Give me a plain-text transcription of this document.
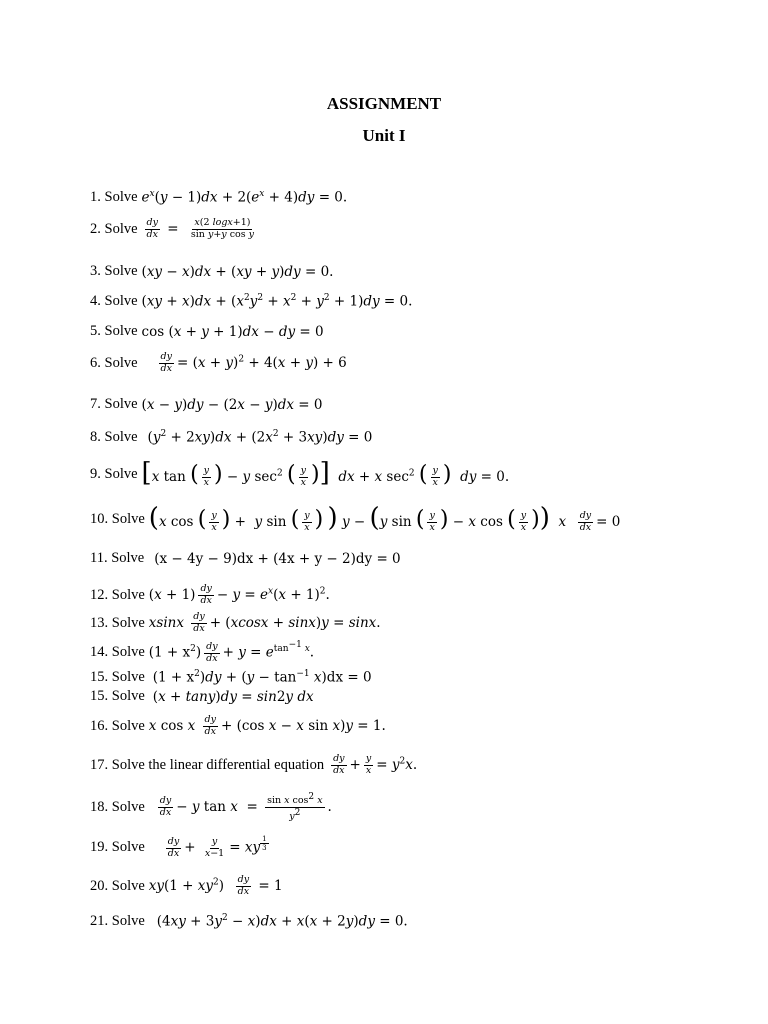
ASSIGNMENT
Unit I
1. Solve $e^x(y - 1)dx + 2(e^x + 4)dy = 0$.
2. Solve $\frac{dy}{dx} = \frac{x(2 \log x+1)}{\text{sin y+y cos y}}$
3. Solve (xy − x)dx + (xy + y)dy = 0.
4. Solve $(xy + x)dx + (x^2y^2 + x^2 + y^2 + 1)dy = 0$.
5. Solve cos (x + y + 1)dx − dy = 0
6. Solve $\frac{dy}{dx} = (x + y)^2 + 4(x + y) + 6$
7. Solve (x − y)dy − (2x − y)dx = 0
8. Solve $(y^2 + 2xy)dx + (2x^2 + 3xy)dy = 0$
9. Solve [x tan ( $\frac{y}{x}$ ) − y $\sec^2$ ( $\frac{y}{x}$ )] dx + x $\sec^2$ ( $\frac{y}{x}$ ) dy = 0.
10. Solve (x cos ( $\frac{y}{x}$ ) +  y sin ( $\frac{y}{x}$ ) ) y − (y sin ( $\frac{y}{x}$ ) − x cos ( $\frac{y}{x}$ )) x $\frac{dy}{dx} = 0$
11. Solve (x − 4y − 9)dx + (4x + y − 2)dy = 0
12. Solve $(x + 1) \frac{dy}{dx} - y = e^x(x + 1)^2$.
13. Solve xsinx $\frac{dy}{dx} + (xcosx + \sin x)y = \sin x$.
14. Solve $(1 + x^2) \frac{dy}{dx} + y = e^{tan^{-1} x}$.
15. Solve $(1 + x^2)dy + (y - \tan^{-1} x)dx = 0$
15. Solve (x + tany)dy = sin2y dx
16. Solve x cos x $\frac{dy}{dx} + (\cos$ x − x sin x)y = 1.
17. Solve the linear differential equation $\frac{dy}{dx} + \frac{y}{x} = y^2x$.
18. Solve $\frac{dy}{dx} - y$ $\tan x = \frac{\sin x \cos^2 x}{y^2}$ .
19. Solve $\frac{dy}{dx} + \frac{y}{x-1}$ = xy $^{\frac{1}{3}}$
20. Solve $xy(1 + xy^2) \frac{dy}{dx} = 1$
21. Solve $(4xy + 3y^2 - x)dx + x(x + 2y)dy = 0$.
